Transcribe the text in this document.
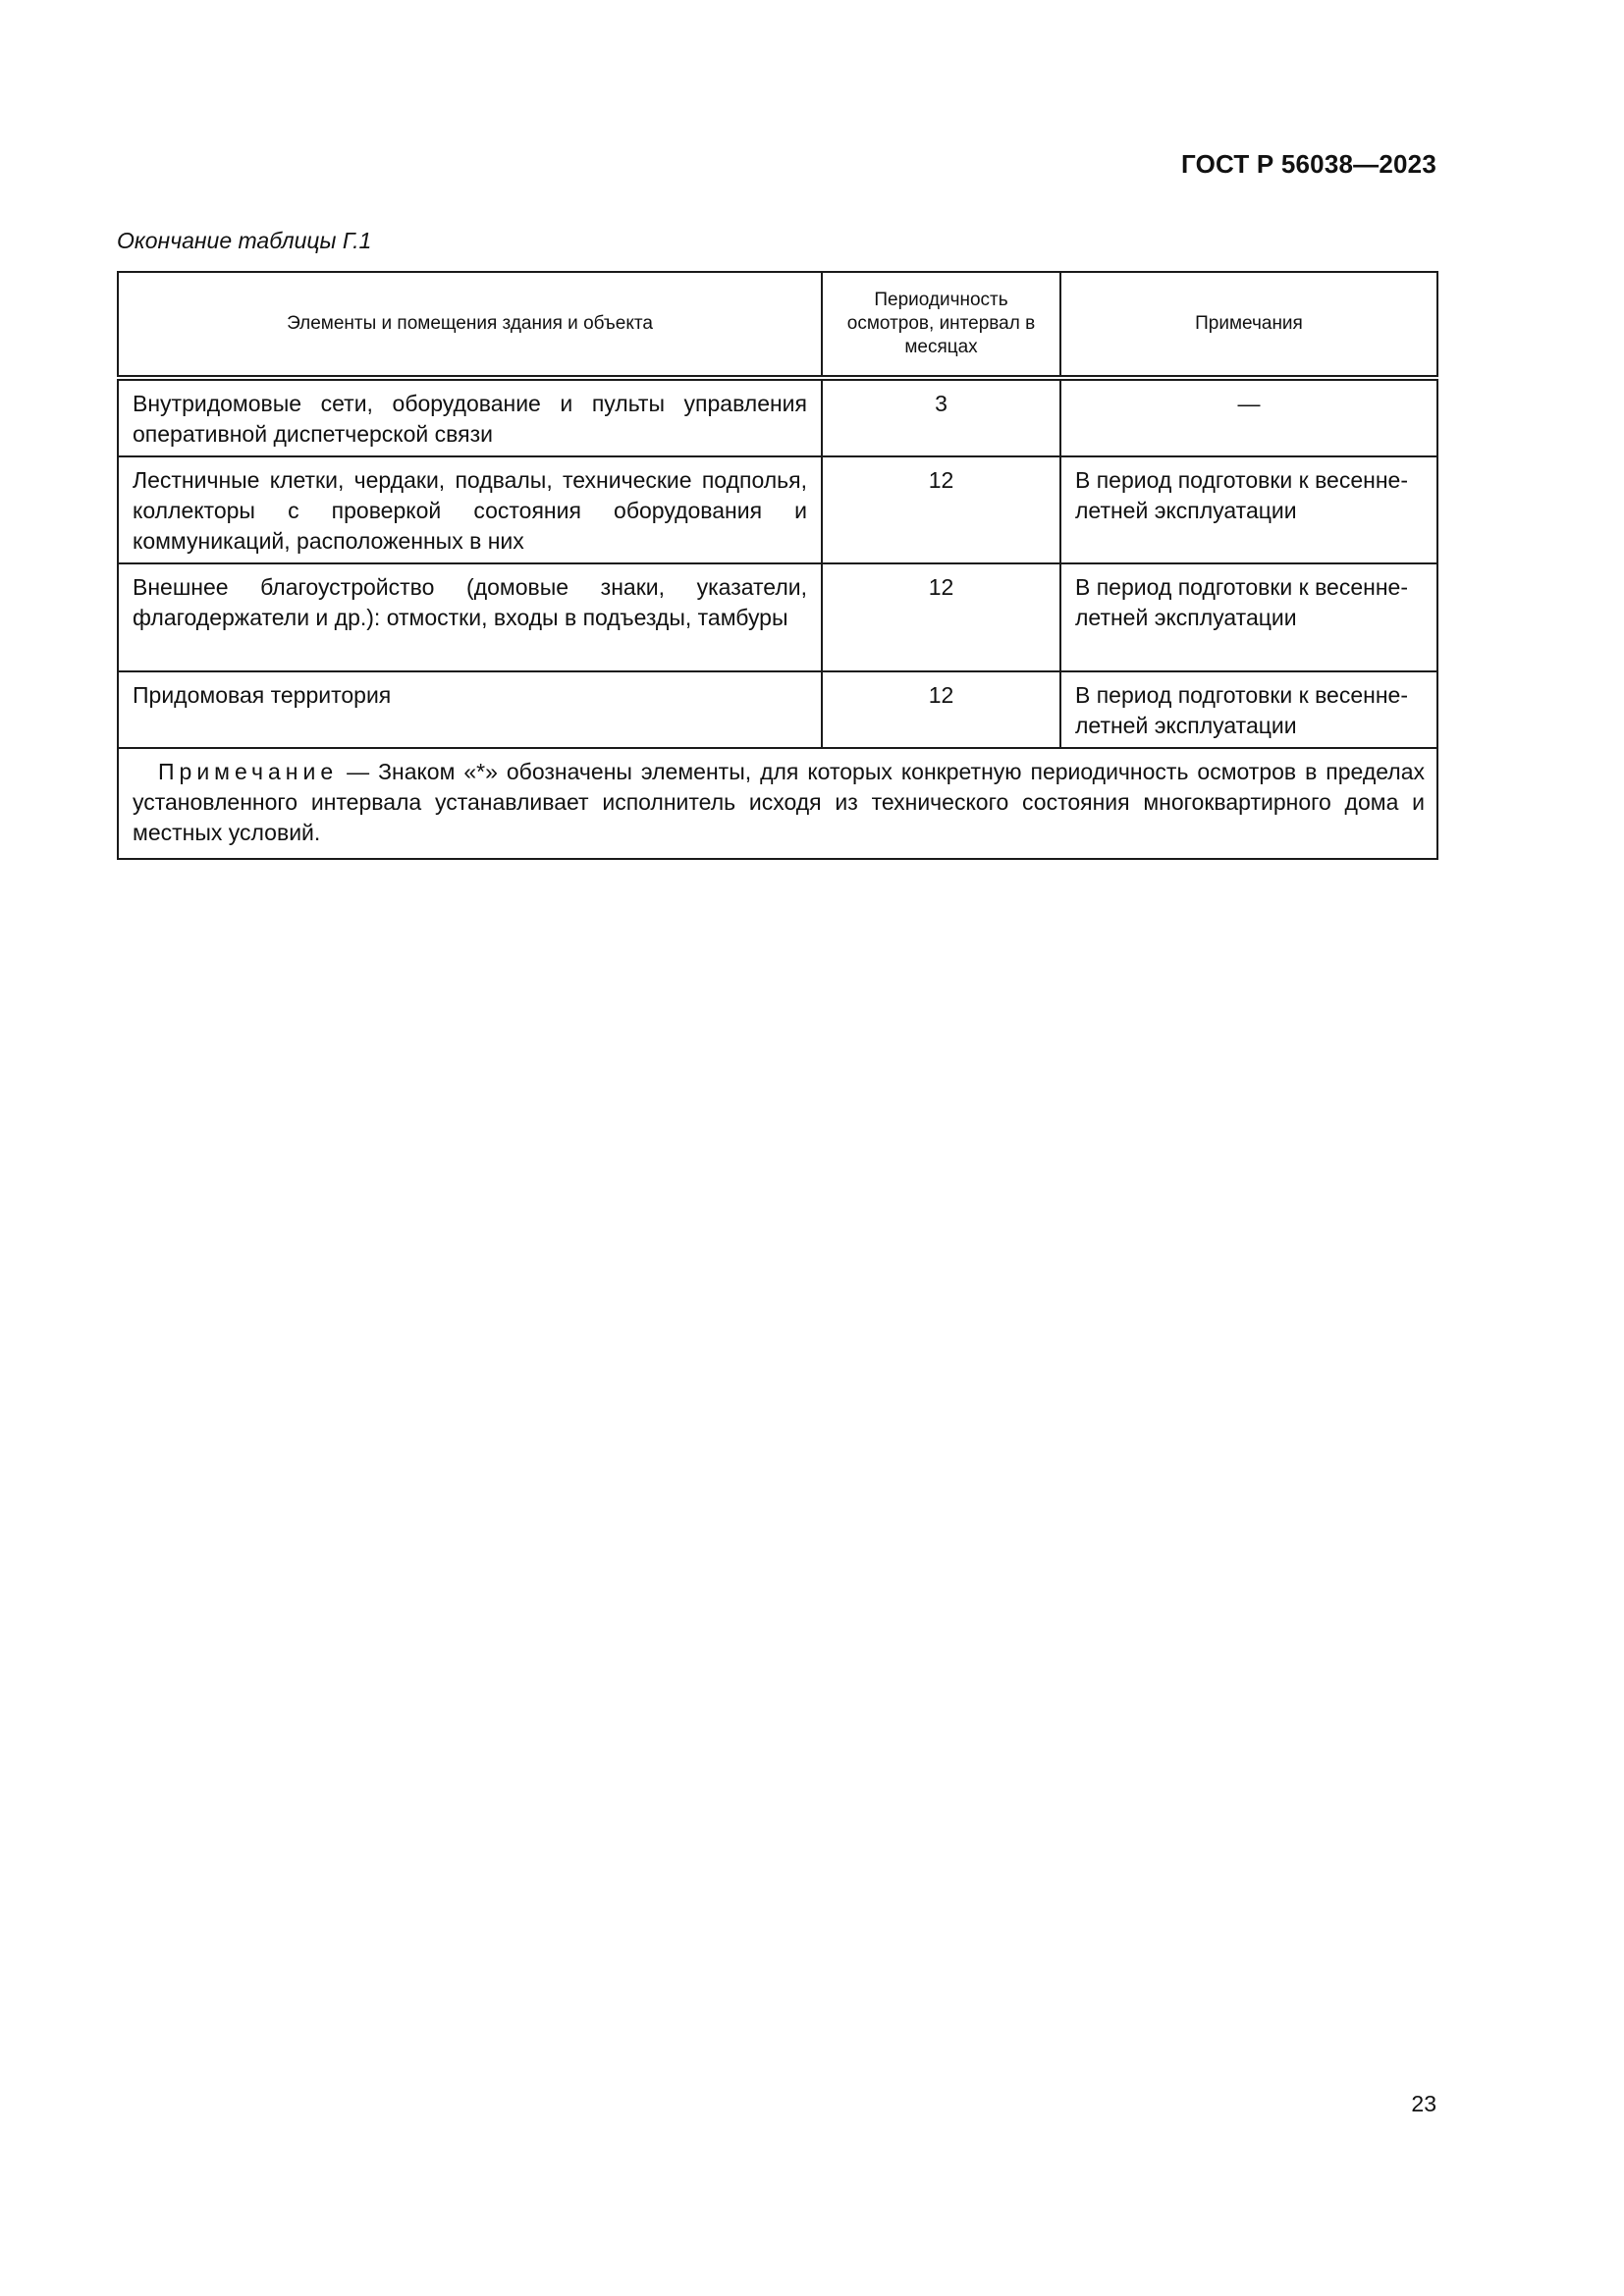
ГОСТ Р 56038—2023
Окончание таблицы Г.1
Элементы и помещения здания и объекта	Периодичность осмотров, интервал в месяцах	Примечания
Внутридомовые сети, оборудование и пульты управления оперативной диспетчерской связи	3	—
Лестничные клетки, чердаки, подвалы, технические подполья, коллекторы с проверкой состояния оборудования и коммуникаций, расположенных в них	12	В период подготовки к весенне-летней эксплуатации
Внешнее благоустройство (домовые знаки, указатели, флагодержатели и др.): отмостки, входы в подъезды, тамбуры	12	В период подготовки к весенне-летней эксплуатации
Придомовая территория	12	В период подготовки к весенне-летней эксплуатации
Примечание — Знаком «*» обозначены элементы, для которых конкретную периодичность осмотров в пределах установленного интервала устанавливает исполнитель исходя из технического состояния многоквартирного дома и местных условий.		
23
